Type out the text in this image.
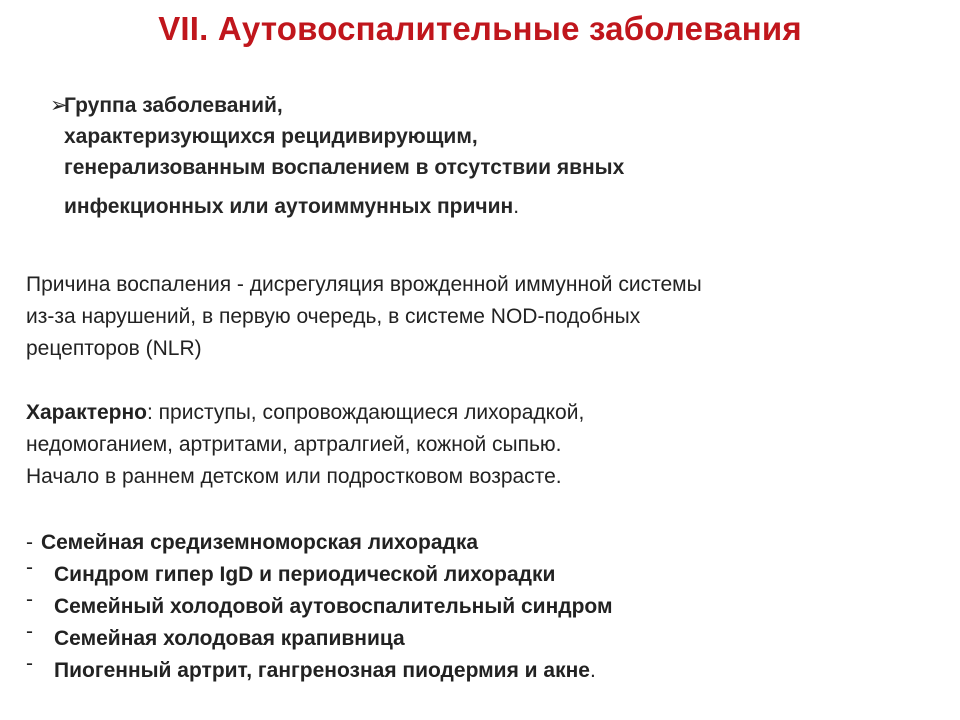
VII. Аутовоспалительные заболевания
➢Группа заболеваний,
характеризующихся рецидивирующим,
генерализованным воспалением в отсутствии явных
инфекционных или аутоиммунных причин.
Причина воспаления - дисрегуляция врожденной иммунной системы
из-за нарушений, в первую очередь, в системе NOD-подобных
рецепторов (NLR)
Характерно: приступы, сопровождающиеся лихорадкой,
недомоганием, артритами, артралгией, кожной сыпью.
Начало в раннем детском или подростковом возрасте.
- Семейная средиземноморская лихорадка
- Синдром гипер IgD и периодической лихорадки
- Семейный холодовой аутовоспалительный синдром
- Семейная холодовая крапивница
- Пиогенный артрит, гангренозная пиодермия и акне.
